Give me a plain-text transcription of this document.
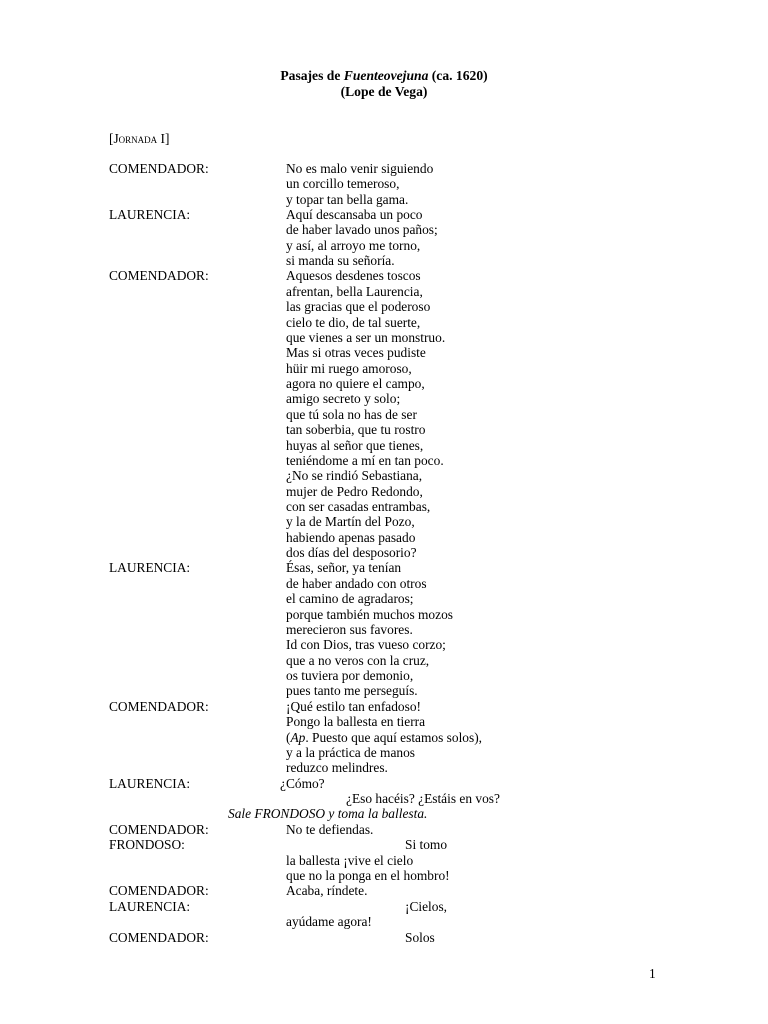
Pasajes de Fuenteovejuna (ca. 1620)
(Lope de Vega)
[Jornada I]
COMENDADOR:
LAURENCIA:
COMENDADOR:
LAURENCIA:
COMENDADOR:
LAURENCIA:
COMENDADOR:
FRONDOSO:
COMENDADOR:
LAURENCIA:
COMENDADOR:
No es malo venir siguiendo
un corcillo temeroso,
y topar tan bella gama.
Aquí descansaba un poco
de haber lavado unos paños;
y así, al arroyo me torno,
si manda su señoría.
Aquesos desdenes toscos
afrentan, bella Laurencia,
las gracias que el poderoso
cielo te dio, de tal suerte,
que vienes a ser un monstruo.
Mas si otras veces pudiste
hüir mi ruego amoroso,
agora no quiere el campo,
amigo secreto y solo;
que tú sola no has de ser
tan soberbia, que tu rostro
huyas al señor que tienes,
teniéndome a mí en tan poco.
¿No se rindió Sebastiana,
mujer de Pedro Redondo,
con ser casadas entrambas,
y la de Martín del Pozo,
habiendo apenas pasado
dos días del desposorio?
Ésas, señor, ya tenían
de haber andado con otros
el camino de agradaros;
porque también muchos mozos
merecieron sus favores.
Id con Dios, tras vueso corzo;
que a no veros con la cruz,
os tuviera por demonio,
pues tanto me perseguís.
¡Qué estilo tan enfadoso!
Pongo la ballesta en tierra
(Ap. Puesto que aquí estamos solos),
y a la práctica de manos
reduzco melindres.
¿Cómo?
¿Eso hacéis? ¿Estáis en vos?
Sale FRONDOSO y toma la ballesta.
No te defiendas.
Si tomo
la ballesta ¡vive el cielo
que no la ponga en el hombro!
Acaba, ríndete.
¡Cielos,
ayúdame agora!
Solos
1
